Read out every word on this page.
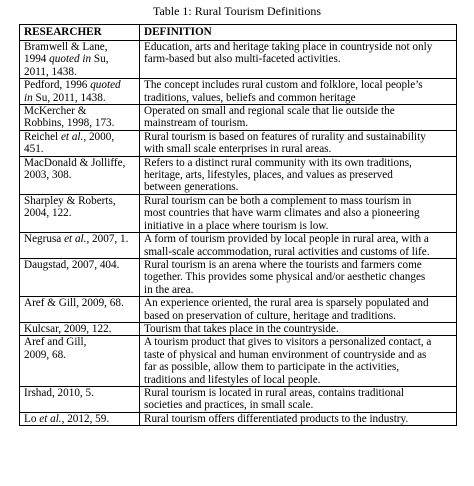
Table 1: Rural Tourism Definitions
RESEARCHER	DEFINITION
Bramwell & Lane,
1994 quoted in Su,
2011, 1438.	Education, arts and heritage taking place in countryside not only
farm-based but also multi-faceted activities.
Pedford, 1996 quoted
in Su, 2011, 1438.	The concept includes rural custom and folklore, local people’s
traditions, values, beliefs and common heritage
McKercher &
Robbins, 1998, 173.	Operated on small and regional scale that lie outside the
mainstream of tourism.
Reichel et al., 2000,
451.	Rural tourism is based on features of rurality and sustainability
with small scale enterprises in rural areas.
MacDonald & Jolliffe,
2003, 308.	Refers to a distinct rural community with its own traditions,
heritage, arts, lifestyles, places, and values as preserved
between generations.
Sharpley & Roberts,
2004, 122.	Rural tourism can be both a complement to mass tourism in
most countries that have warm climates and also a pioneering
initiative in a place where tourism is low.
Negrusa et al., 2007, 1.	A form of tourism provided by local people in rural area, with a
small-scale accommodation, rural activities and customs of life.
Daugstad, 2007, 404.	Rural tourism is an arena where the tourists and farmers come
together. This provides some physical and/or aesthetic changes
in the area.
Aref & Gill, 2009, 68.	An experience oriented, the rural area is sparsely populated and
based on preservation of culture, heritage and traditions.
Kulcsar, 2009, 122.	Tourism that takes place in the countryside.
Aref and Gill,
2009, 68.	A tourism product that gives to visitors a personalized contact, a
taste of physical and human environment of countryside and as
far as possible, allow them to participate in the activities,
traditions and lifestyles of local people.
Irshad, 2010, 5.	Rural tourism is located in rural areas, contains traditional
societies and practices, in small scale.
Lo et al., 2012, 59.	Rural tourism offers differentiated products to the industry.
